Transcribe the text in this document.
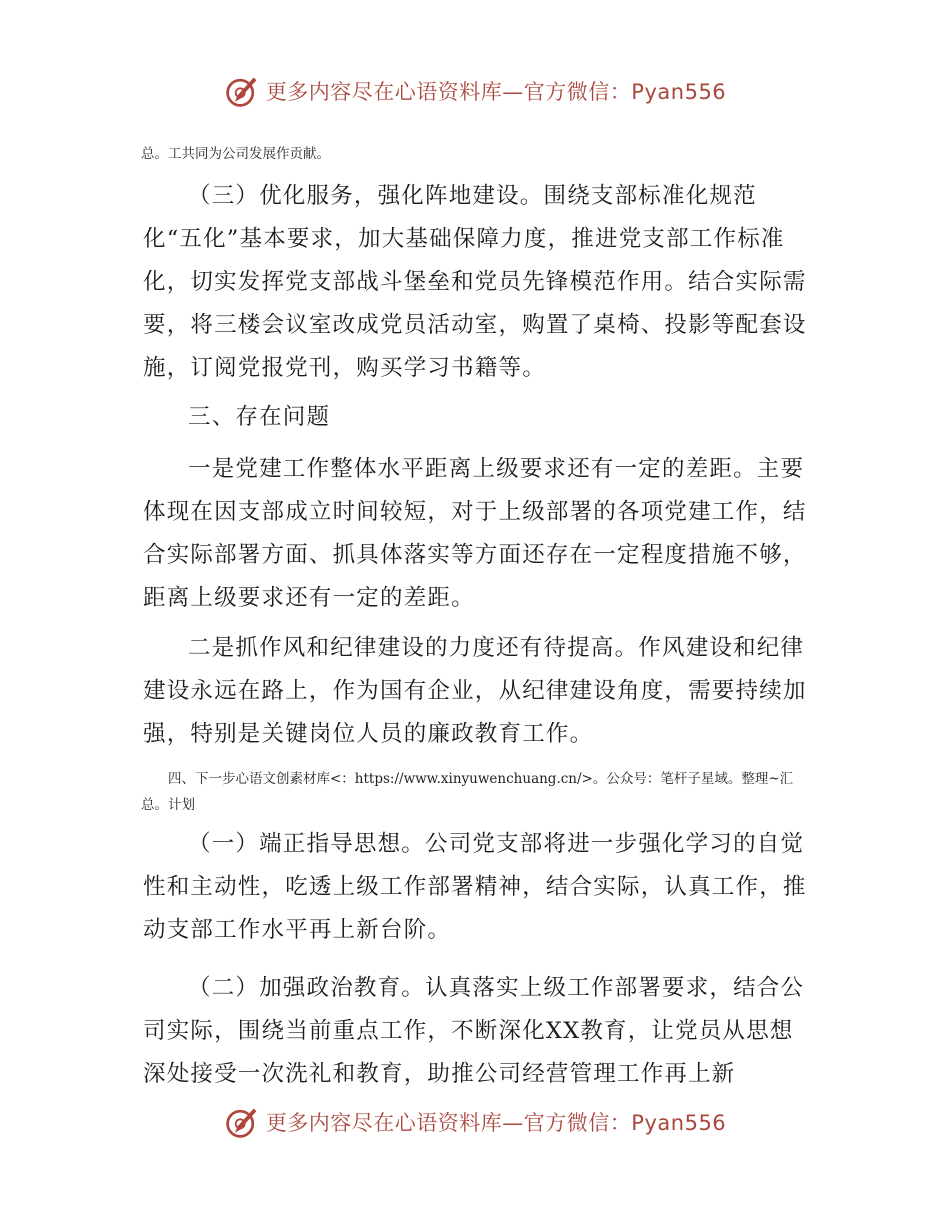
更多内容尽在心语资料库—官方微信：Pyan556
总。工共同为公司发展作贡献。

（三）优化服务，强化阵地建设。围绕支部标准化规范化“五化”基本要求，加大基础保障力度，推进党支部工作标准化，切实发挥党支部战斗堡垒和党员先锋模范作用。结合实际需要，将三楼会议室改成党员活动室，购置了桌椅、投影等配套设施，订阅党报党刊，购买学习书籍等。

三、存在问题

一是党建工作整体水平距离上级要求还有一定的差距。主要体现在因支部成立时间较短，对于上级部署的各项党建工作，结合实际部署方面、抓具体落实等方面还存在一定程度措施不够，距离上级要求还有一定的差距。

二是抓作风和纪律建设的力度还有待提高。作风建设和纪律建设永远在路上，作为国有企业，从纪律建设角度，需要持续加强，特别是关键岗位人员的廉政教育工作。

四、下一步心语文创素材库<：https://www.xinyuwenchuang.cn/>。公众号：笔杆子星域。整理~汇总。计划

（一）端正指导思想。公司党支部将进一步强化学习的自觉性和主动性，吃透上级工作部署精神，结合实际，认真工作，推动支部工作水平再上新台阶。

（二）加强政治教育。认真落实上级工作部署要求，结合公司实际，围绕当前重点工作，不断深化XX教育，让党员从思想深处接受一次洗礼和教育，助推公司经营管理工作再上新

更多内容尽在心语资料库—官方微信：Pyan556
